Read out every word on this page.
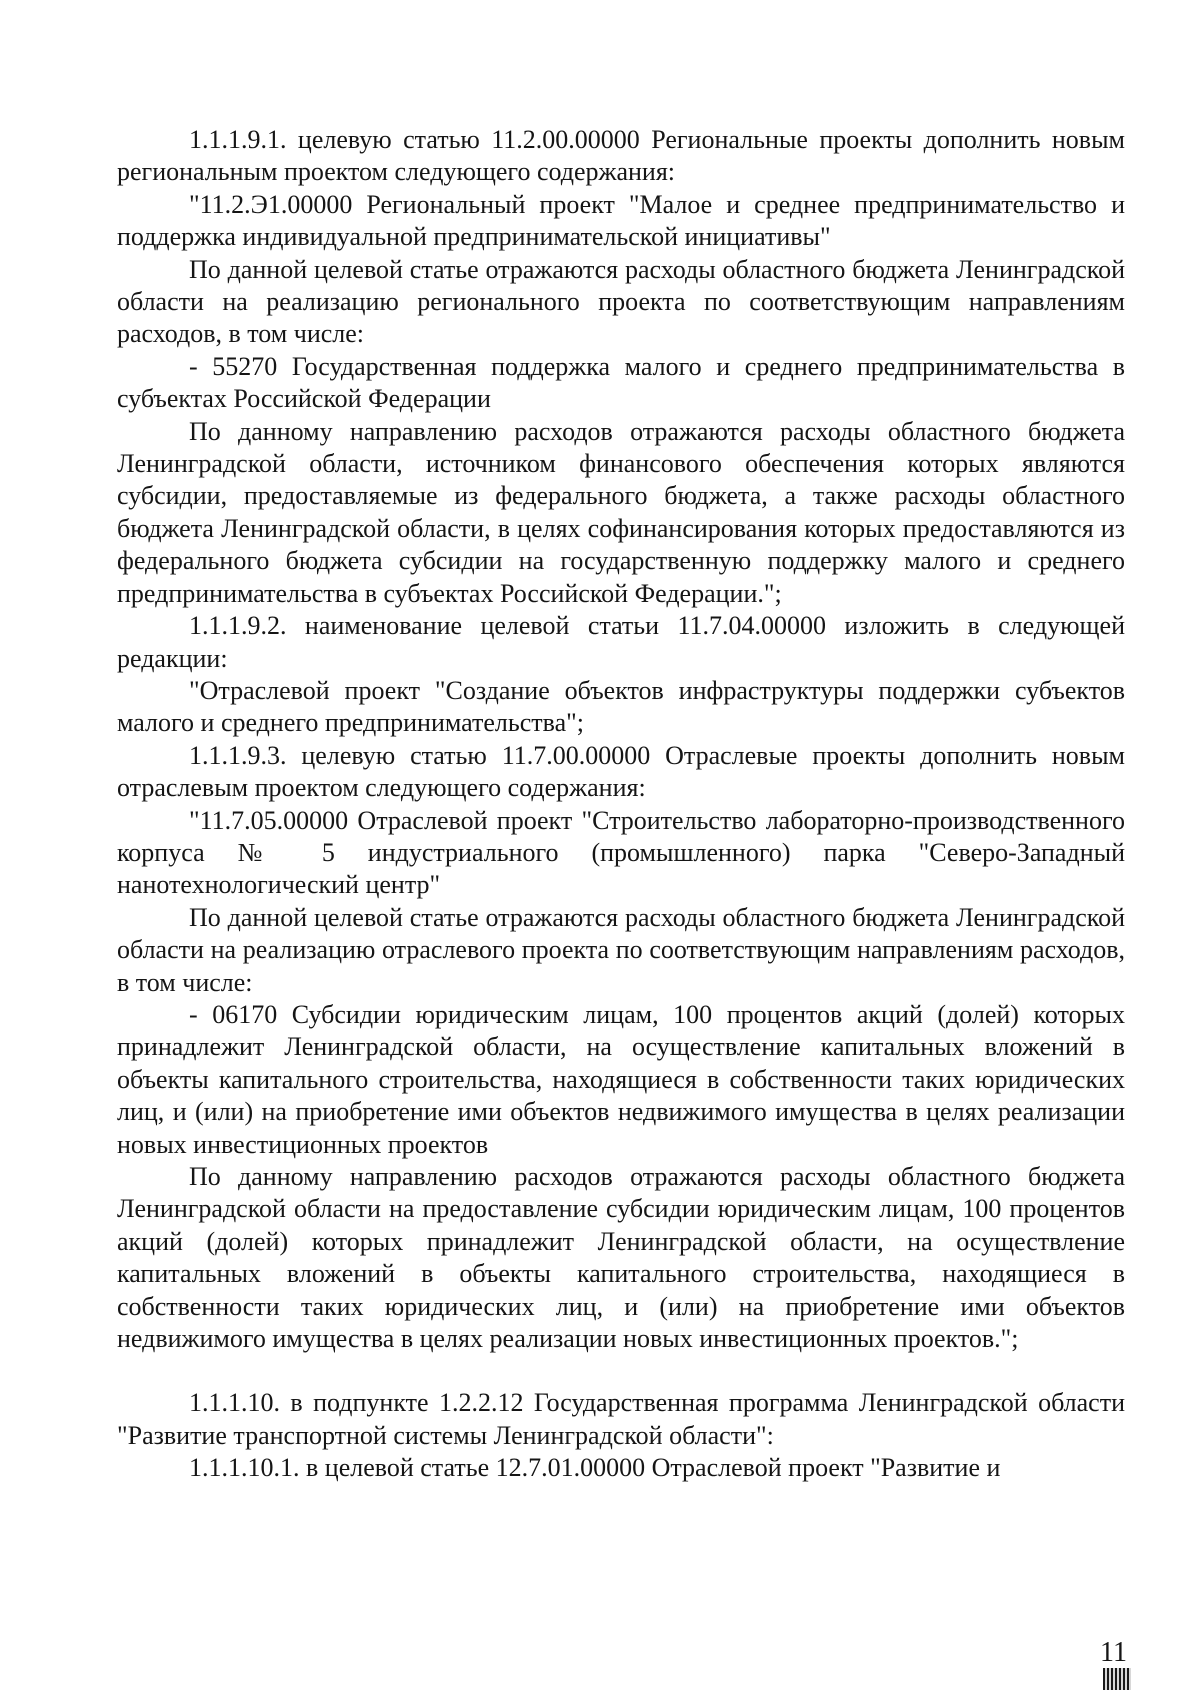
1.1.1.9.1. целевую статью 11.2.00.00000 Региональные проекты дополнить новым региональным проектом следующего содержания:

"11.2.Э1.00000 Региональный проект "Малое и среднее предпринимательство и поддержка индивидуальной предпринимательской инициативы"

По данной целевой статье отражаются расходы областного бюджета Ленинградской области на реализацию регионального проекта по соответствующим направлениям расходов, в том числе:

- 55270 Государственная поддержка малого и среднего предпринимательства в субъектах Российской Федерации

По данному направлению расходов отражаются расходы областного бюджета Ленинградской области, источником финансового обеспечения которых являются субсидии, предоставляемые из федерального бюджета, а также расходы областного бюджета Ленинградской области, в целях софинансирования которых предоставляются из федерального бюджета субсидии на государственную поддержку малого и среднего предпринимательства в субъектах Российской Федерации.";

1.1.1.9.2. наименование целевой статьи 11.7.04.00000 изложить в следующей редакции:

"Отраслевой проект "Создание объектов инфраструктуры поддержки субъектов малого и среднего предпринимательства";

1.1.1.9.3. целевую статью 11.7.00.00000 Отраслевые проекты дополнить новым отраслевым проектом следующего содержания:

"11.7.05.00000 Отраслевой проект "Строительство лабораторно-производственного корпуса № 5 индустриального (промышленного) парка "Северо-Западный нанотехнологический центр"

По данной целевой статье отражаются расходы областного бюджета Ленинградской области на реализацию отраслевого проекта по соответствующим направлениям расходов, в том числе:

- 06170 Субсидии юридическим лицам, 100 процентов акций (долей) которых принадлежит Ленинградской области, на осуществление капитальных вложений в объекты капитального строительства, находящиеся в собственности таких юридических лиц, и (или) на приобретение ими объектов недвижимого имущества в целях реализации новых инвестиционных проектов

По данному направлению расходов отражаются расходы областного бюджета Ленинградской области на предоставление субсидии юридическим лицам, 100 процентов акций (долей) которых принадлежит Ленинградской области, на осуществление капитальных вложений в объекты капитального строительства, находящиеся в собственности таких юридических лиц, и (или) на приобретение ими объектов недвижимого имущества в целях реализации новых инвестиционных проектов.";

1.1.1.10. в подпункте 1.2.2.12 Государственная программа Ленинградской области "Развитие транспортной системы Ленинградской области":

1.1.1.10.1. в целевой статье 12.7.01.00000 Отраслевой проект "Развитие и

11
